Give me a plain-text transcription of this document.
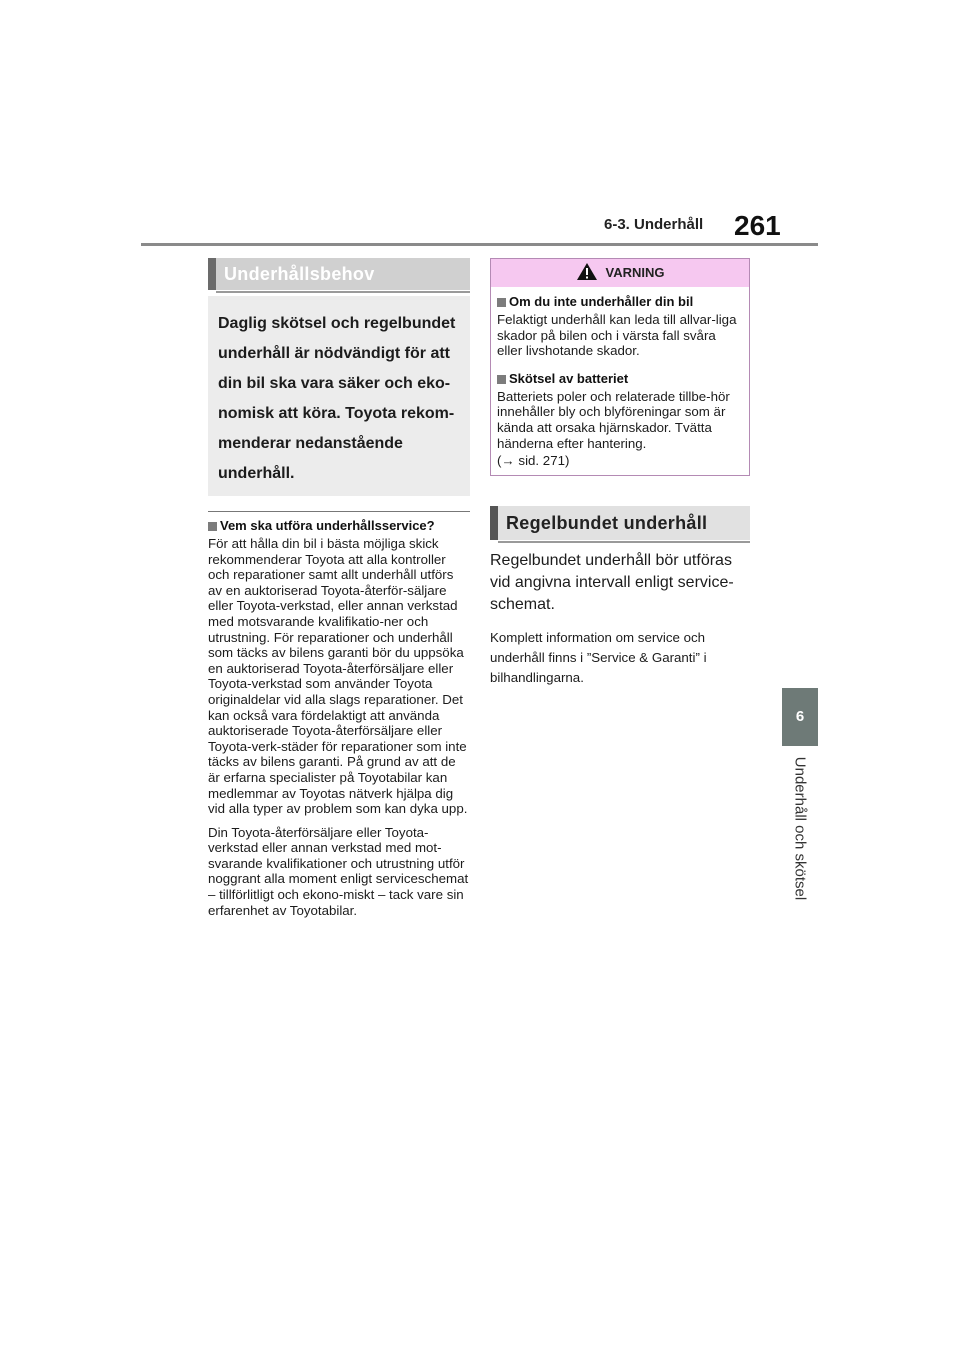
6-3. Underhåll 261
6
Underhåll och skötsel
Underhållsbehov

Daglig skötsel och regelbundet

underhåll är nödvändigt för att

din bil ska vara säker och eko-

nomisk att köra. Toyota rekom-

menderar nedanstående

underhåll.

Vem ska utföra underhållsservice?

För att hålla din bil i bästa möjliga skick rekommenderar Toyota att alla kontroller och reparationer samt allt underhåll utförs av en auktoriserad Toyota-återför-säljare eller Toyota-verkstad, eller annan verkstad med motsvarande kvalifikatio-ner och utrustning. För reparationer och underhåll som täcks av bilens garanti bör du uppsöka en auktoriserad Toyota-återförsäljare eller Toyota-verkstad som använder Toyota originaldelar vid alla slags reparationer. Det kan också vara fördelaktigt att använda auktoriserade Toyota-återförsäljare eller Toyota-verk-städer för reparationer som inte täcks av bilens garanti. På grund av att de är erfarna specialister på Toyotabilar kan medlemmar av Toyotas nätverk hjälpa dig vid alla typer av problem som kan dyka upp.

Din Toyota-återförsäljare eller Toyota-verkstad eller annan verkstad med mot-svarande kvalifikationer och utrustning utför noggrant alla moment enligt serviceschemat – tillförlitligt och ekono-miskt – tack vare sin erfarenhet av Toyotabilar.

VARNING
Om du inte underhåller din bil

Felaktigt underhåll kan leda till allvar-liga skador på bilen och i värsta fall svåra eller livshotande skador.

Skötsel av batteriet

Batteriets poler och relaterade tillbe-hör innehåller bly och blyföreningar som är kända att orsaka hjärnskador. Tvätta händerna efter hantering.

(→ sid. 271)

Regelbundet underhåll

Regelbundet underhåll bör utföras vid angivna intervall enligt service-schemat.

Komplett information om service och underhåll finns i ”Service & Garanti” i bilhandlingarna.
